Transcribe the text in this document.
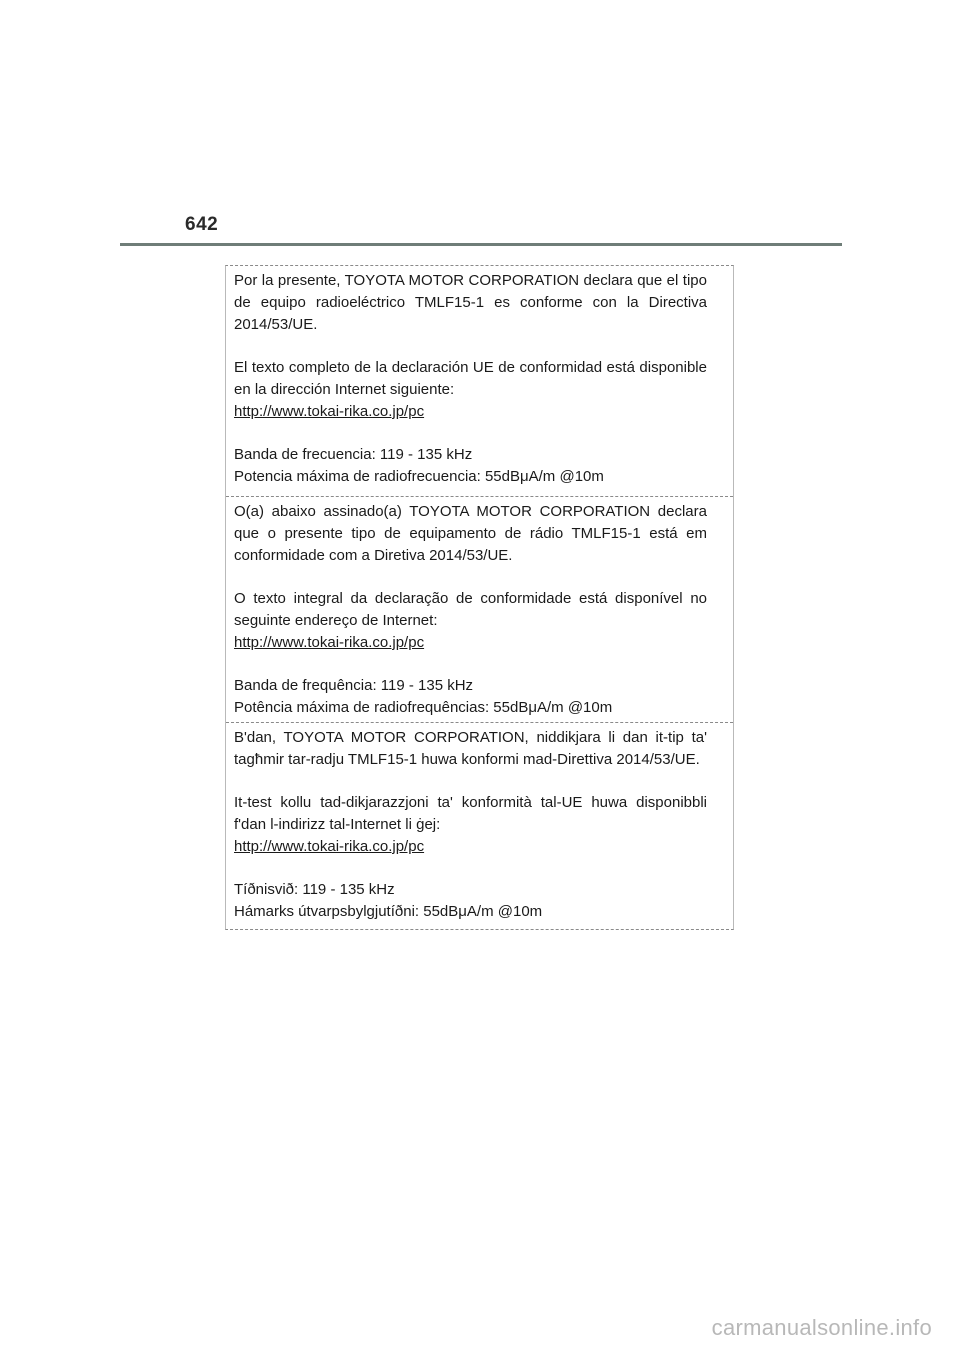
642

Por la presente, TOYOTA MOTOR CORPORATION declara que el tipo de equipo radioeléctrico TMLF15-1 es conforme con la Directiva 2014/53/UE.

El texto completo de la declaración UE de conformidad está disponible en la dirección Internet siguiente:

http://www.tokai-rika.co.jp/pc
Banda de frecuencia: 119 - 135 kHz
Potencia máxima de radiofrecuencia: 55dBμA/m @10m

O(a) abaixo assinado(a) TOYOTA MOTOR CORPORATION declara que o presente tipo de equipamento de rádio TMLF15-1 está em conformidade com a Diretiva 2014/53/UE.

O texto integral da declaração de conformidade está disponível no seguinte endereço de Internet:

http://www.tokai-rika.co.jp/pc
Banda de frequência: 119 - 135 kHz
Potência máxima de radiofrequências: 55dBμA/m @10m

B'dan, TOYOTA MOTOR CORPORATION, niddikjara li dan it-tip ta' tagħmir tar-radju TMLF15-1 huwa konformi mad-Direttiva 2014/53/UE.

It-test kollu tad-dikjarazzjoni ta' konformità tal-UE huwa disponibbli f'dan l-indirizz tal-Internet li ġej:

http://www.tokai-rika.co.jp/pc
Tíðnisvið: 119 - 135 kHz
Hámarks útvarpsbylgjutíðni: 55dBμA/m @10m
carmanualsonline.info
